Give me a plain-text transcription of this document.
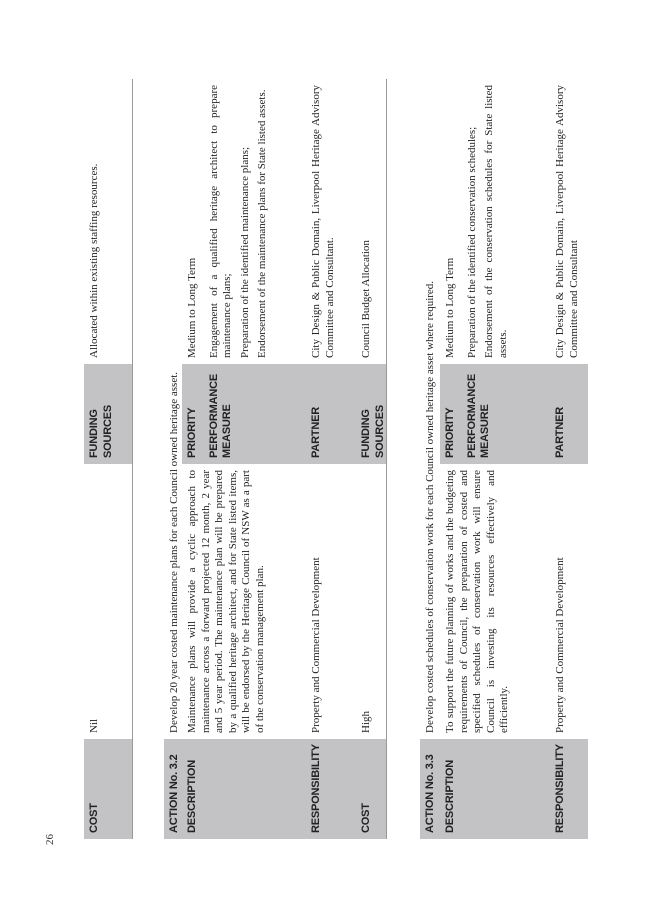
COST
Nil
FUNDING SOURCES
Allocated within existing staffing resources.
ACTION No. 3.2
Develop 20 year costed maintenance plans for each Council owned heritage asset.
DESCRIPTION
Maintenance plans will provide a cyclic approach to maintenance across a forward projected 12 month, 2 year and 5 year period. The maintenance plan will be prepared by a qualified heritage architect, and for State listed items, will be endorsed by the Heritage Council of NSW as a part of the conservation management plan.
PRIORITY PERFORMANCE MEASURE
Medium to Long Term Engagement of a qualified heritage architect to prepare maintenance plans; Preparation of the identified maintenance plans; Endorsement of the maintenance plans for State listed assets.
RESPONSIBILITY
Property and Commercial Development
PARTNER
City Design & Public Domain, Liverpool Heritage Advisory Committee and Consultant.
COST
High
FUNDING SOURCES
Council Budget Allocation
ACTION No. 3.3
Develop costed schedules of conservation work for each Council owned heritage asset where required.
DESCRIPTION
To support the future planning of works and the budgeting requirements of Council, the preparation of costed and specified schedules of conservation work will ensure Council is investing its resources effectively and efficiently.
PRIORITY PERFORMANCE MEASURE
Medium to Long Term Preparation of the identified conservation schedules; Endorsement of the conservation schedules for State listed assets.
RESPONSIBILITY
Property and Commercial Development
PARTNER
City Design & Public Domain, Liverpool Heritage Advisory Committee and Consultant
26
